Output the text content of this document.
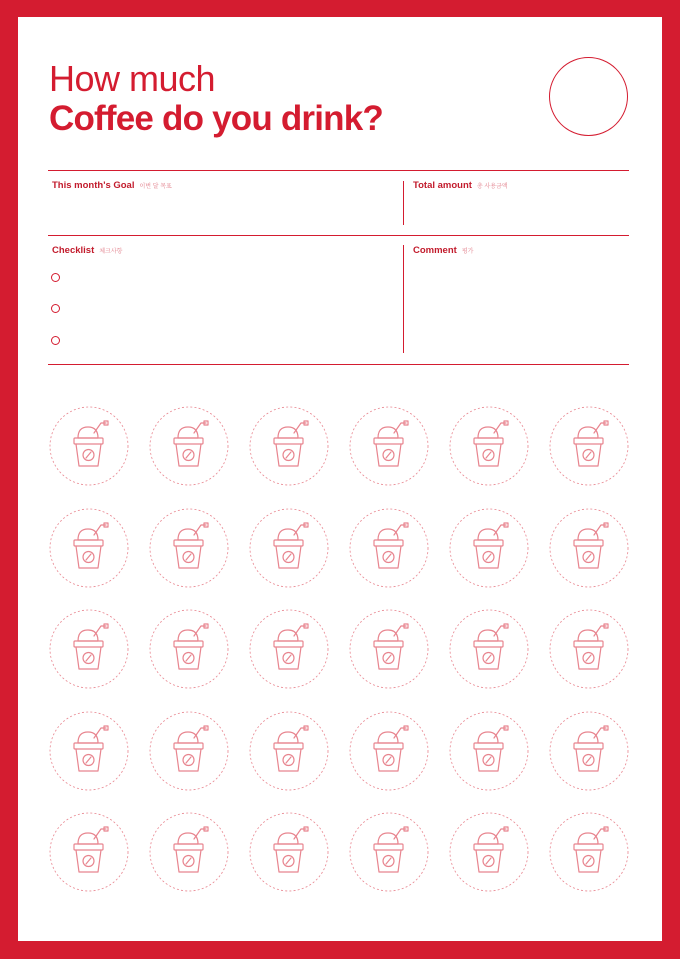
How much
Coffee do you drink?
This month's Goal 이번 달 목표	Total amount 총 사용금액
Checklist 체크사항	Comment 평가
